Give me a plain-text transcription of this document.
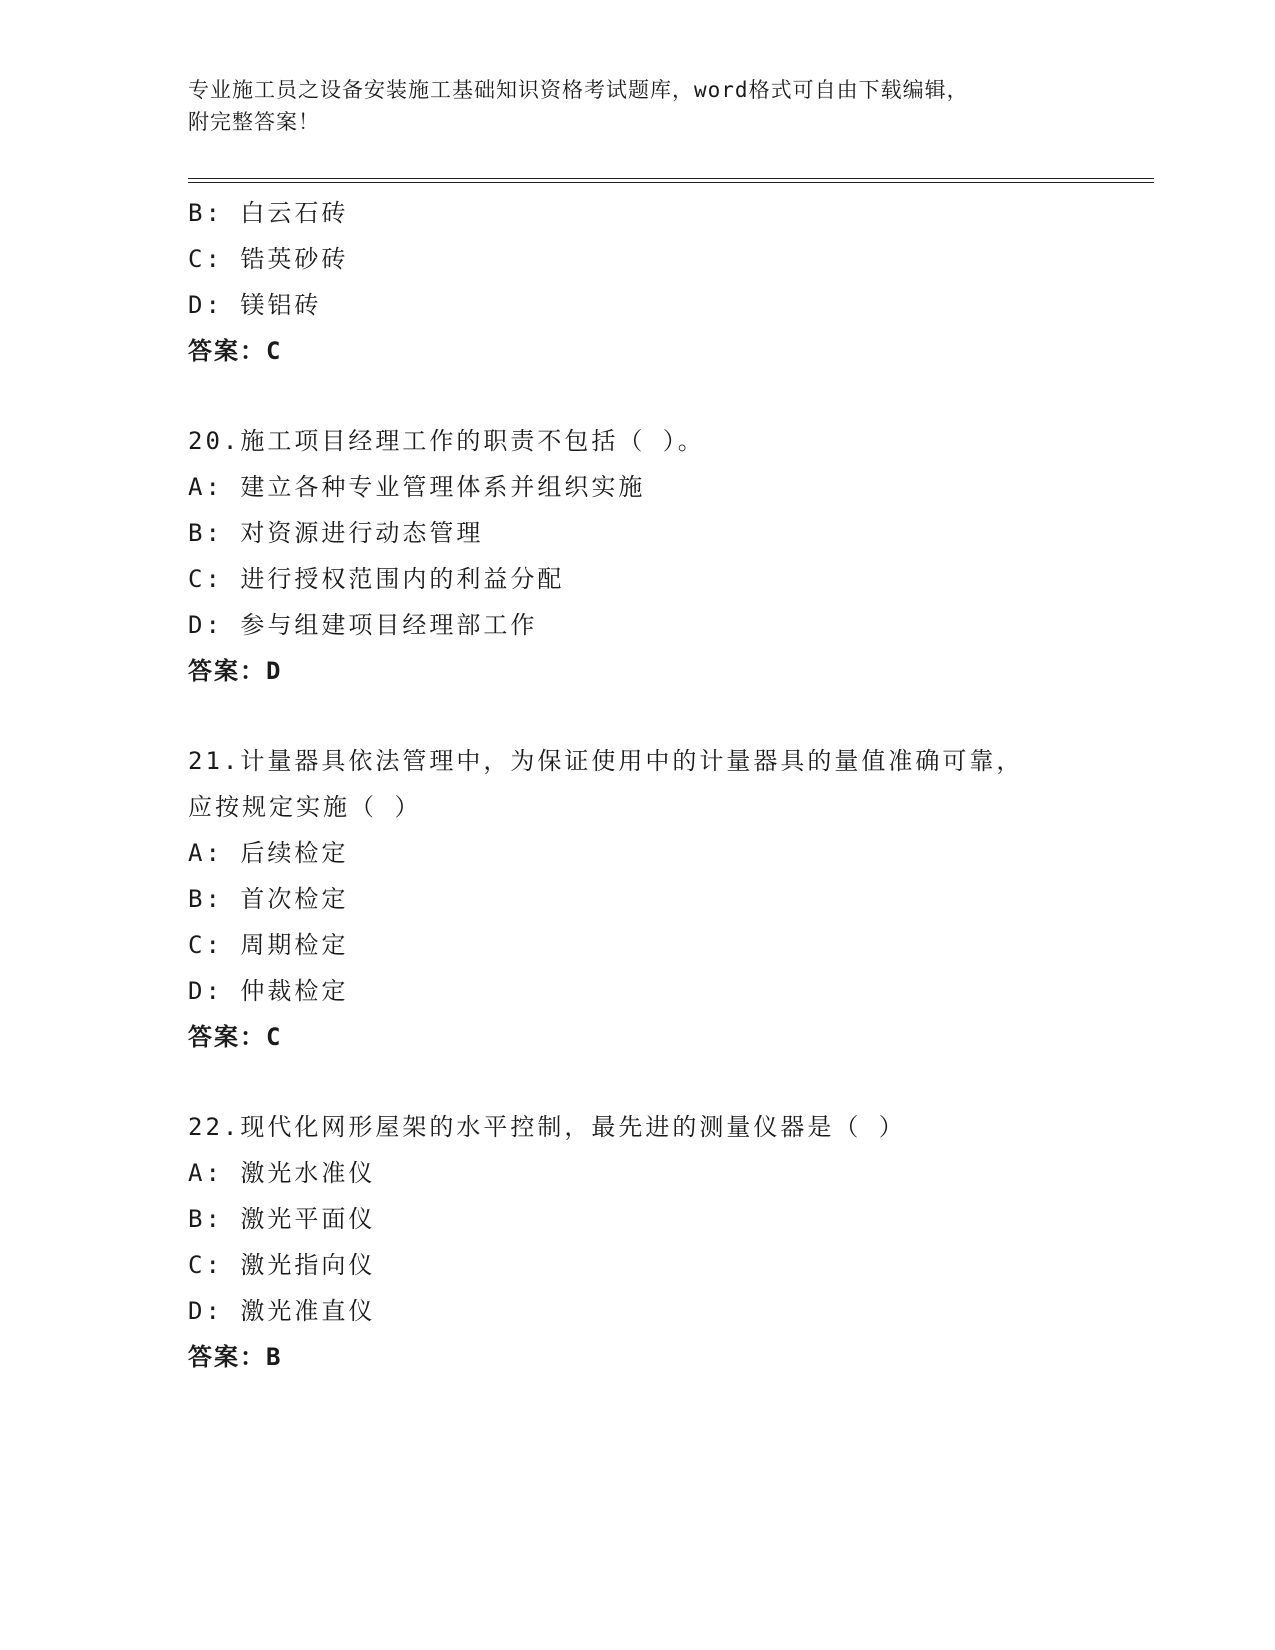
专业施工员之设备安装施工基础知识资格考试题库，word格式可自由下载编辑，
附完整答案！
B: 白云石砖
C: 锆英砂砖
D: 镁铝砖
答案：C
20.施工项目经理工作的职责不包括（ ）。
A: 建立各种专业管理体系并组织实施
B: 对资源进行动态管理
C: 进行授权范围内的利益分配
D: 参与组建项目经理部工作
答案：D
21.计量器具依法管理中，为保证使用中的计量器具的量值准确可靠，
应按规定实施（ ）
A: 后续检定
B: 首次检定
C: 周期检定
D: 仲裁检定
答案：C
22.现代化网形屋架的水平控制，最先进的测量仪器是（ ）
A: 激光水准仪
B: 激光平面仪
C: 激光指向仪
D: 激光准直仪
答案：B
